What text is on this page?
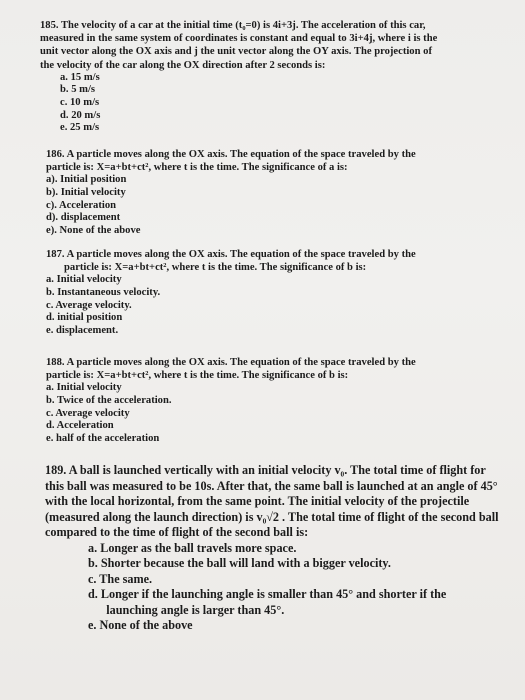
185. The velocity of a car at the initial time (t₀=0) is 4i+3j. The acceleration of this car,

measured in the same system of coordinates is constant and equal to 3i+4j, where i is the

unit vector along the OX axis and j the unit vector along the OY axis. The projection of

the velocity of the car along the OX direction after 2 seconds is:

a. 15 m/s

b. 5 m/s

c. 10 m/s

d. 20 m/s

e. 25 m/s

186. A particle moves along the OX axis. The equation of the space traveled by the

particle is: X=a+bt+ct², where t is the time. The significance of a is:

a). Initial position

b). Initial velocity

c). Acceleration

d). displacement

e). None of the above

187. A particle moves along the OX axis. The equation of the space traveled by the

particle is: X=a+bt+ct², where t is the time. The significance of b is:

a. Initial velocity

b. Instantaneous velocity.

c. Average velocity.

d. initial position

e. displacement.

188. A particle moves along the OX axis. The equation of the space traveled by the

particle is: X=a+bt+ct², where t is the time. The significance of b is:

a. Initial velocity

b. Twice of the acceleration.

c. Average velocity

d. Acceleration

e. half of the acceleration

189. A ball is launched vertically with an initial velocity v₀. The total time of flight for

this ball was measured to be 10s. After that, the same ball is launched at an angle of 45°

with the local horizontal, from the same point. The initial velocity of the projectile

(measured along the launch direction) is v₀√2 . The total time of flight of the second ball

compared to the time of flight of the second ball is:

a. Longer as the ball travels more space.

b. Shorter because the ball will land with a bigger velocity.

c. The same.

d. Longer if the launching angle is smaller than 45° and shorter if the

launching angle is larger than 45°.

e. None of the above
